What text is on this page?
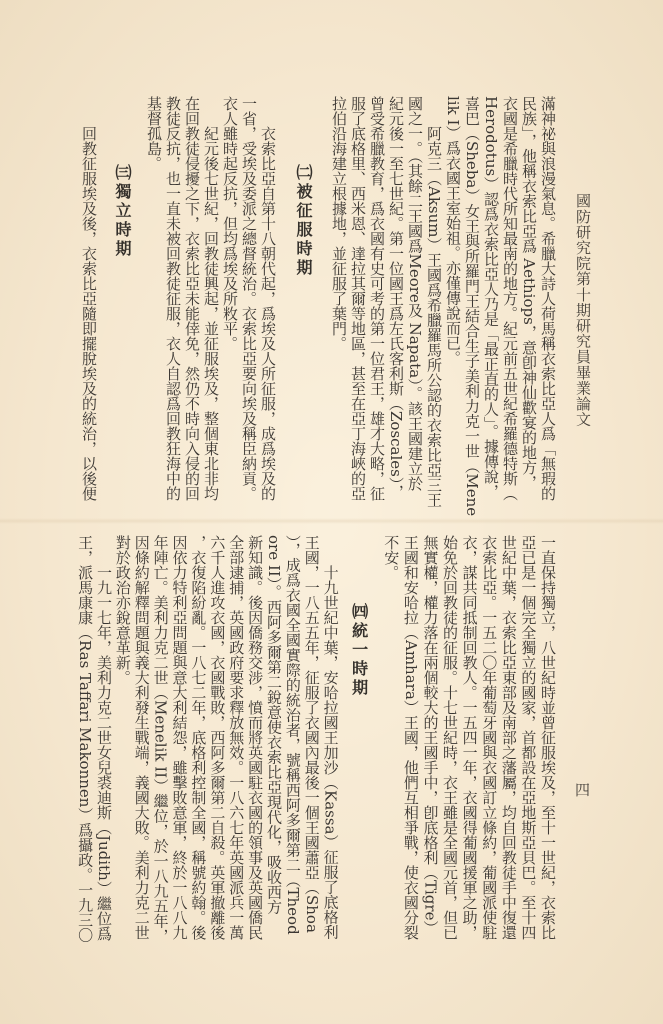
國防研究院第十期研究員畢業論文
四
滿神祕與浪漫氣息。希臘大詩人荷馬稱衣索比亞人爲「無瑕的
民族」，他稱衣索比亞爲 Aethiops，意卽神仙歡宴的地方，
衣國是希臘時代所知最南的地方。紀元前五世紀希羅德特斯（
Herodotus）認爲衣索比亞人乃是「最正直的人」。據傳說，
喜巴（Sheba）女王與所羅門王結合生子美利力克一世（Mene
lik I）爲衣國王室始祖。亦僅傳說而已。
　　阿克三（Aksum）王國爲希臘羅馬所公認的衣索比亞三王
國之一。（其餘二王國爲Meore及 Napata）。該王國建立於
紀元後一至七世紀。第一位國王爲左氏客利斯（Zoscales），
曾受希臘教育，爲衣國有史可考的第一位君王，雄才大略，征
服了底格里、西米恩、達拉其爾等地區，甚至在亞丁海峽的亞
拉伯沿海建立根據地，並征服了葉門。
㈡被征服時期
　　衣索比亞自第十八朝代起，爲埃及人所征服，成爲埃及的
一省，受埃及委派之總督統治。衣索比亞要向埃及稱臣納貢。
衣人雖時起反抗，但均爲埃及所敉平。
　　紀元後七世紀，回教徒興起，並征服埃及，整個東北非均
在回教徒侵擾之下，衣索比亞未能倖免，然仍不時向入侵的回
教徒反抗，也一直未被回教徒征服，衣人自認爲回教狂海中的
基督孤島。
㈢獨立時期
　　回教征服埃及後，衣索比亞隨即擺脫埃及的統治，以後便
一直保持獨立，八世紀時並曾征服埃及，至十一世紀，衣索比
亞已是一個完全獨立的國家，首都設在亞地斯亞貝巴。至十四
世紀中葉，衣索比亞東部及南部之藩屬，均自回教徒手中復還
衣索比亞。一五二〇年葡萄牙國與衣國訂立條約，葡國派使駐
衣，謀共同抵制回教人。一五四一年，衣國得葡國援軍之助，
始免於回教徒的征服。十七世紀時，衣王雖是全國元首，但已
無實權，權力落在兩個較大的王國手中，卽底格利（Tigre）
王國和安哈拉（Amhara）王國，他們互相爭戰，使衣國分裂
不安。
㈣統一時期
　　十九世紀中葉，安哈拉國王加沙（Kassa）征服了底格利
王國，一八五五年，征服了衣國內最後一個王國蕭亞（Shoa
），成爲衣國全國實際的統治者，號稱西阿多爾第二（Theod
ore II）。西阿多爾第二銳意使衣索比亞現代化，吸收西方
新知識。後因僑務交涉，憤而將英國駐衣國的領事及英國僑民
全部逮捕，英國政府要求釋放無效。一八六七年英國派兵一萬
六千人進攻衣國，衣國戰敗，西阿多爾第二自殺。英軍撤離後
，衣復陷紛亂。一八七二年，底格利控制全國，稱號約翰。後
因依力特利亞問題與意大利結怨，雖擊敗意軍，終於一八八九
年陣亡。美利力克二世（Menelik II）繼位，於一八九五年，
因條約解釋問題與義大利發生戰端，義國大敗。美利力克二世
對於政治亦銳意革新。
　　一九一七年，美利力克二世女兒裘迪斯（Judith）繼位爲
王，派馬康康（Ras Taffari Makonnen）爲攝政。一九三〇
